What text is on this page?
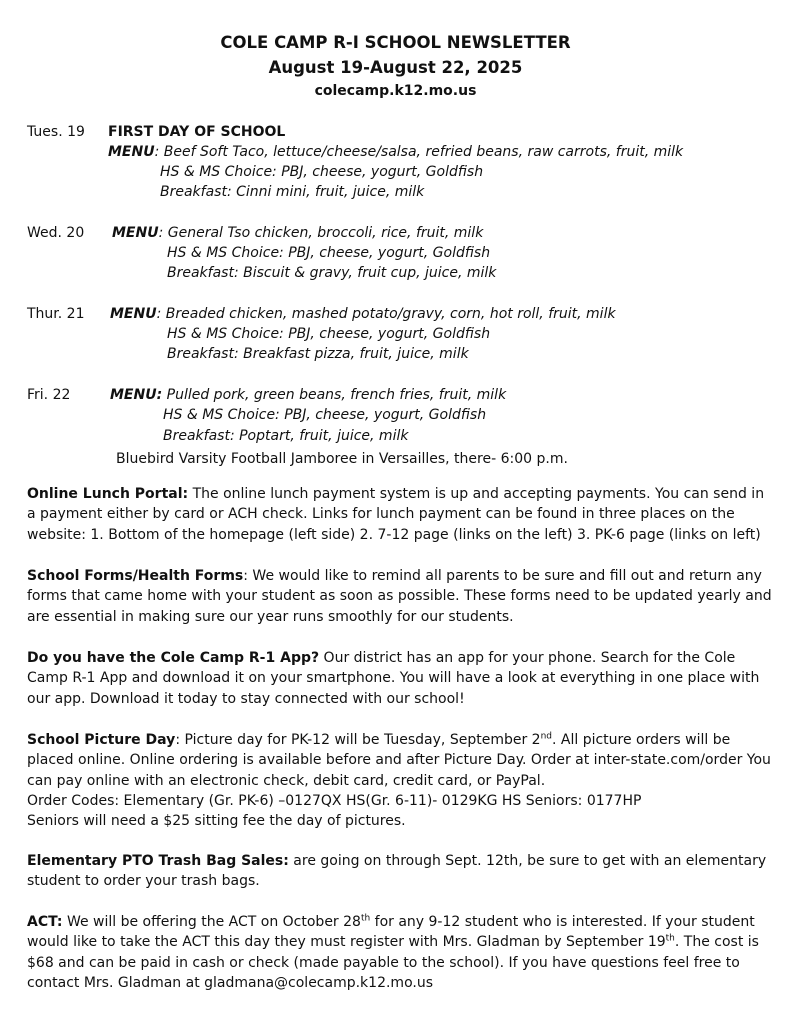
COLE CAMP R-I SCHOOL NEWSLETTER
August 19-August 22, 2025
colecamp.k12.mo.us
Tues. 19 FIRST DAY OF SCHOOL
MENU: Beef Soft Taco, lettuce/cheese/salsa, refried beans, raw carrots, fruit, milk
HS & MS Choice: PBJ, cheese, yogurt, Goldfish
Breakfast: Cinni mini, fruit, juice, milk
Wed. 20 MENU: General Tso chicken, broccoli, rice, fruit, milk
HS & MS Choice: PBJ, cheese, yogurt, Goldfish
Breakfast: Biscuit & gravy, fruit cup, juice, milk
Thur. 21 MENU: Breaded chicken, mashed potato/gravy, corn, hot roll, fruit, milk
HS & MS Choice: PBJ, cheese, yogurt, Goldfish
Breakfast: Breakfast pizza, fruit, juice, milk
Fri. 22	MENU: Pulled pork, green beans, french fries, fruit, milk
HS & MS Choice: PBJ, cheese, yogurt, Goldfish
Breakfast: Poptart, fruit, juice, milk
Bluebird Varsity Football Jamboree in Versailles, there- 6:00 p.m.

Online Lunch Portal: The online lunch payment system is up and accepting payments. You can send in a payment either by card or ACH check. Links for lunch payment can be found in three places on the website: 1. Bottom of the homepage (left side) 2. 7-12 page (links on the left) 3. PK-6 page (links on left)

School Forms/Health Forms: We would like to remind all parents to be sure and fill out and return any forms that came home with your student as soon as possible. These forms need to be updated yearly and are essential in making sure our year runs smoothly for our students.

Do you have the Cole Camp R-1 App? Our district has an app for your phone. Search for the Cole Camp R-1 App and download it on your smartphone. You will have a look at everything in one place with our app. Download it today to stay connected with our school!

School Picture Day: Picture day for PK-12 will be Tuesday, September 2nd. All picture orders will be placed online. Online ordering is available before and after Picture Day. Order at inter-state.com/order You can pay online with an electronic check, debit card, credit card, or PayPal.

Order Codes: Elementary (Gr. PK-6) –0127QX HS(Gr. 6-11)- 0129KG HS Seniors: 0177HP

Seniors will need a $25 sitting fee the day of pictures.

Elementary PTO Trash Bag Sales: are going on through Sept. 12th, be sure to get with an elementary student to order your trash bags.

ACT: We will be offering the ACT on October 28th for any 9-12 student who is interested. If your student would like to take the ACT this day they must register with Mrs. Gladman by September 19th. The cost is $68 and can be paid in cash or check (made payable to the school). If you have questions feel free to contact Mrs. Gladman at gladmana@colecamp.k12.mo.us
